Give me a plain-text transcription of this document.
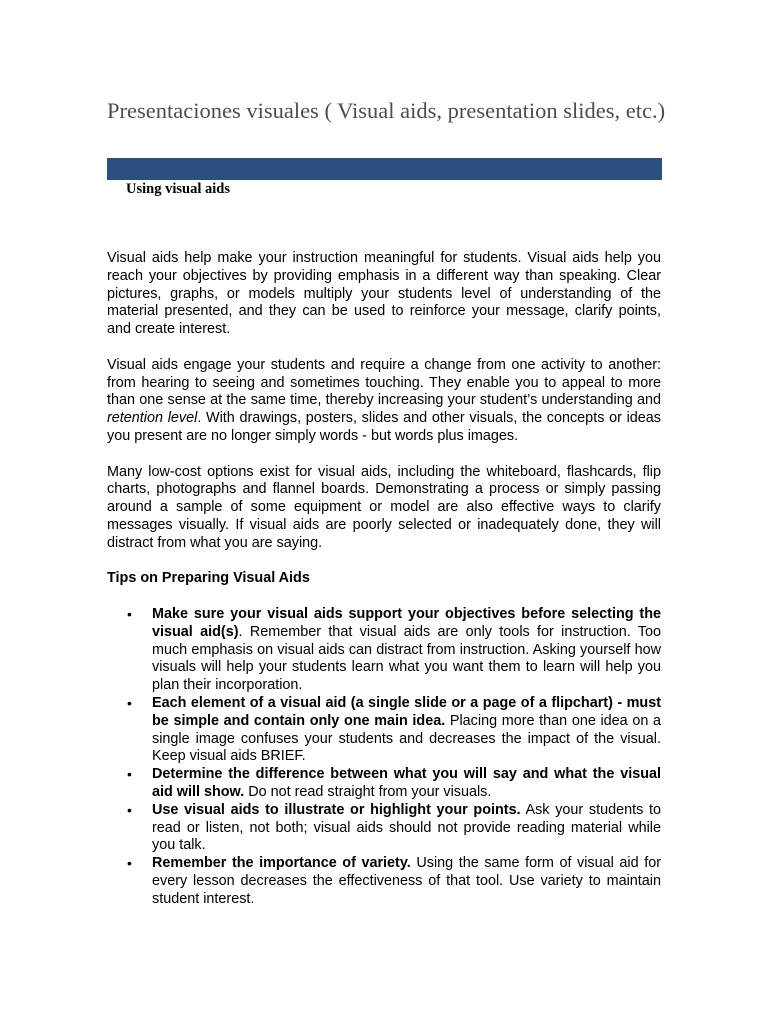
Presentaciones visuales ( Visual aids, presentation slides, etc.)
Using visual aids

Visual aids help make your instruction meaningful for students. Visual aids help you reach your objectives by providing emphasis in a different way than speaking. Clear pictures, graphs, or models multiply your students level of understanding of the material presented, and they can be used to reinforce your message, clarify points, and create interest.

Visual aids engage your students and require a change from one activity to another: from hearing to seeing and sometimes touching. They enable you to appeal to more than one sense at the same time, thereby increasing your student’s understanding and retention level. With drawings, posters, slides and other visuals, the concepts or ideas you present are no longer simply words - but words plus images.

Many low-cost options exist for visual aids, including the whiteboard, flashcards, flip charts, photographs and flannel boards. Demonstrating a process or simply passing around a sample of some equipment or model are also effective ways to clarify messages visually. If visual aids are poorly selected or inadequately done, they will distract from what you are saying.

Tips on Preparing Visual Aids
• Make sure your visual aids support your objectives before selecting the visual aid(s). Remember that visual aids are only tools for instruction. Too much emphasis on visual aids can distract from instruction. Asking yourself how visuals will help your students learn what you want them to learn will help you plan their incorporation.
• Each element of a visual aid (a single slide or a page of a flipchart) - must be simple and contain only one main idea. Placing more than one idea on a single image confuses your students and decreases the impact of the visual. Keep visual aids BRIEF.
• Determine the difference between what you will say and what the visual aid will show. Do not read straight from your visuals.
• Use visual aids to illustrate or highlight your points. Ask your students to read or listen, not both; visual aids should not provide reading material while you talk.
• Remember the importance of variety. Using the same form of visual aid for every lesson decreases the effectiveness of that tool. Use variety to maintain student interest.
